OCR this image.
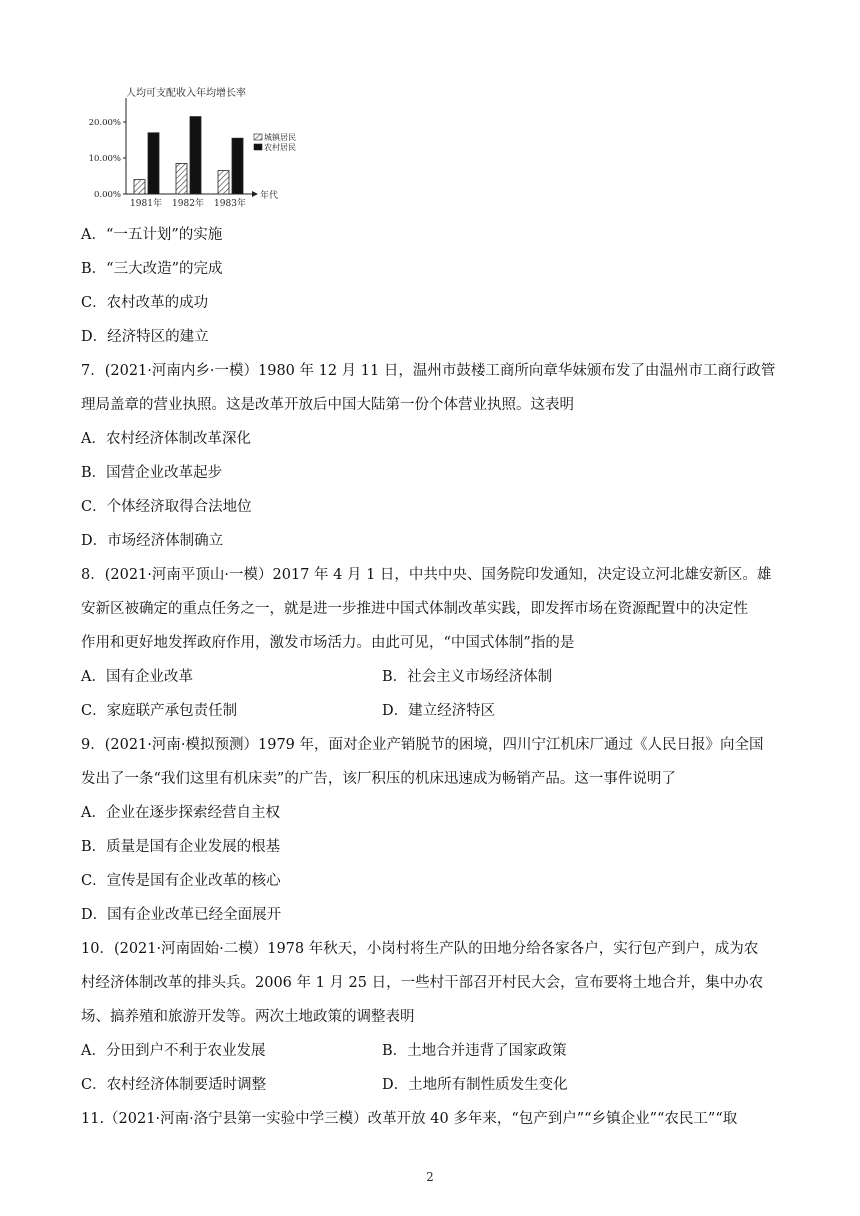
人均可支配收入年均增长率
0.00%
10.00%
20.00%
年代
1981年 1982年 1983年
城镇居民
农村居民
A．“一五计划”的实施
B．“三大改造”的完成
C．农村改革的成功
D．经济特区的建立
7．(2021·河南内乡·一模）1980 年 12 月 11 日，温州市鼓楼工商所向章华妹颁布发了由温州市工商行政管
理局盖章的营业执照。这是改革开放后中国大陆第一份个体营业执照。这表明
A．农村经济体制改革深化
B．国营企业改革起步
C．个体经济取得合法地位
D．市场经济体制确立
8．(2021·河南平顶山·一模）2017 年 4 月 1 日，中共中央、国务院印发通知，决定设立河北雄安新区。雄
安新区被确定的重点任务之一，就是进一步推进中国式体制改革实践，即发挥市场在资源配置中的决定性
作用和更好地发挥政府作用，激发市场活力。由此可见，“中国式体制”指的是
A．国有企业改革	B．社会主义市场经济体制
C．家庭联产承包责任制	D．建立经济特区
9．(2021·河南·模拟预测）1979 年，面对企业产销脱节的困境，四川宁江机床厂通过《人民日报》向全国
发出了一条“我们这里有机床卖”的广告，该厂积压的机床迅速成为畅销产品。这一事件说明了
A．企业在逐步探索经营自主权
B．质量是国有企业发展的根基
C．宣传是国有企业改革的核心
D．国有企业改革已经全面展开
10．(2021·河南固始·二模）1978 年秋天，小岗村将生产队的田地分给各家各户，实行包产到户，成为农
村经济体制改革的排头兵。2006 年 1 月 25 日，一些村干部召开村民大会，宣布要将土地合并，集中办农
场、搞养殖和旅游开发等。两次土地政策的调整表明
A．分田到户不利于农业发展	B．土地合并违背了国家政策
C．农村经济体制要适时调整	D．土地所有制性质发生变化
11.（2021·河南·洛宁县第一实验中学三模）改革开放 40 多年来，“包产到户”“乡镇企业”“农民工”“取
2
